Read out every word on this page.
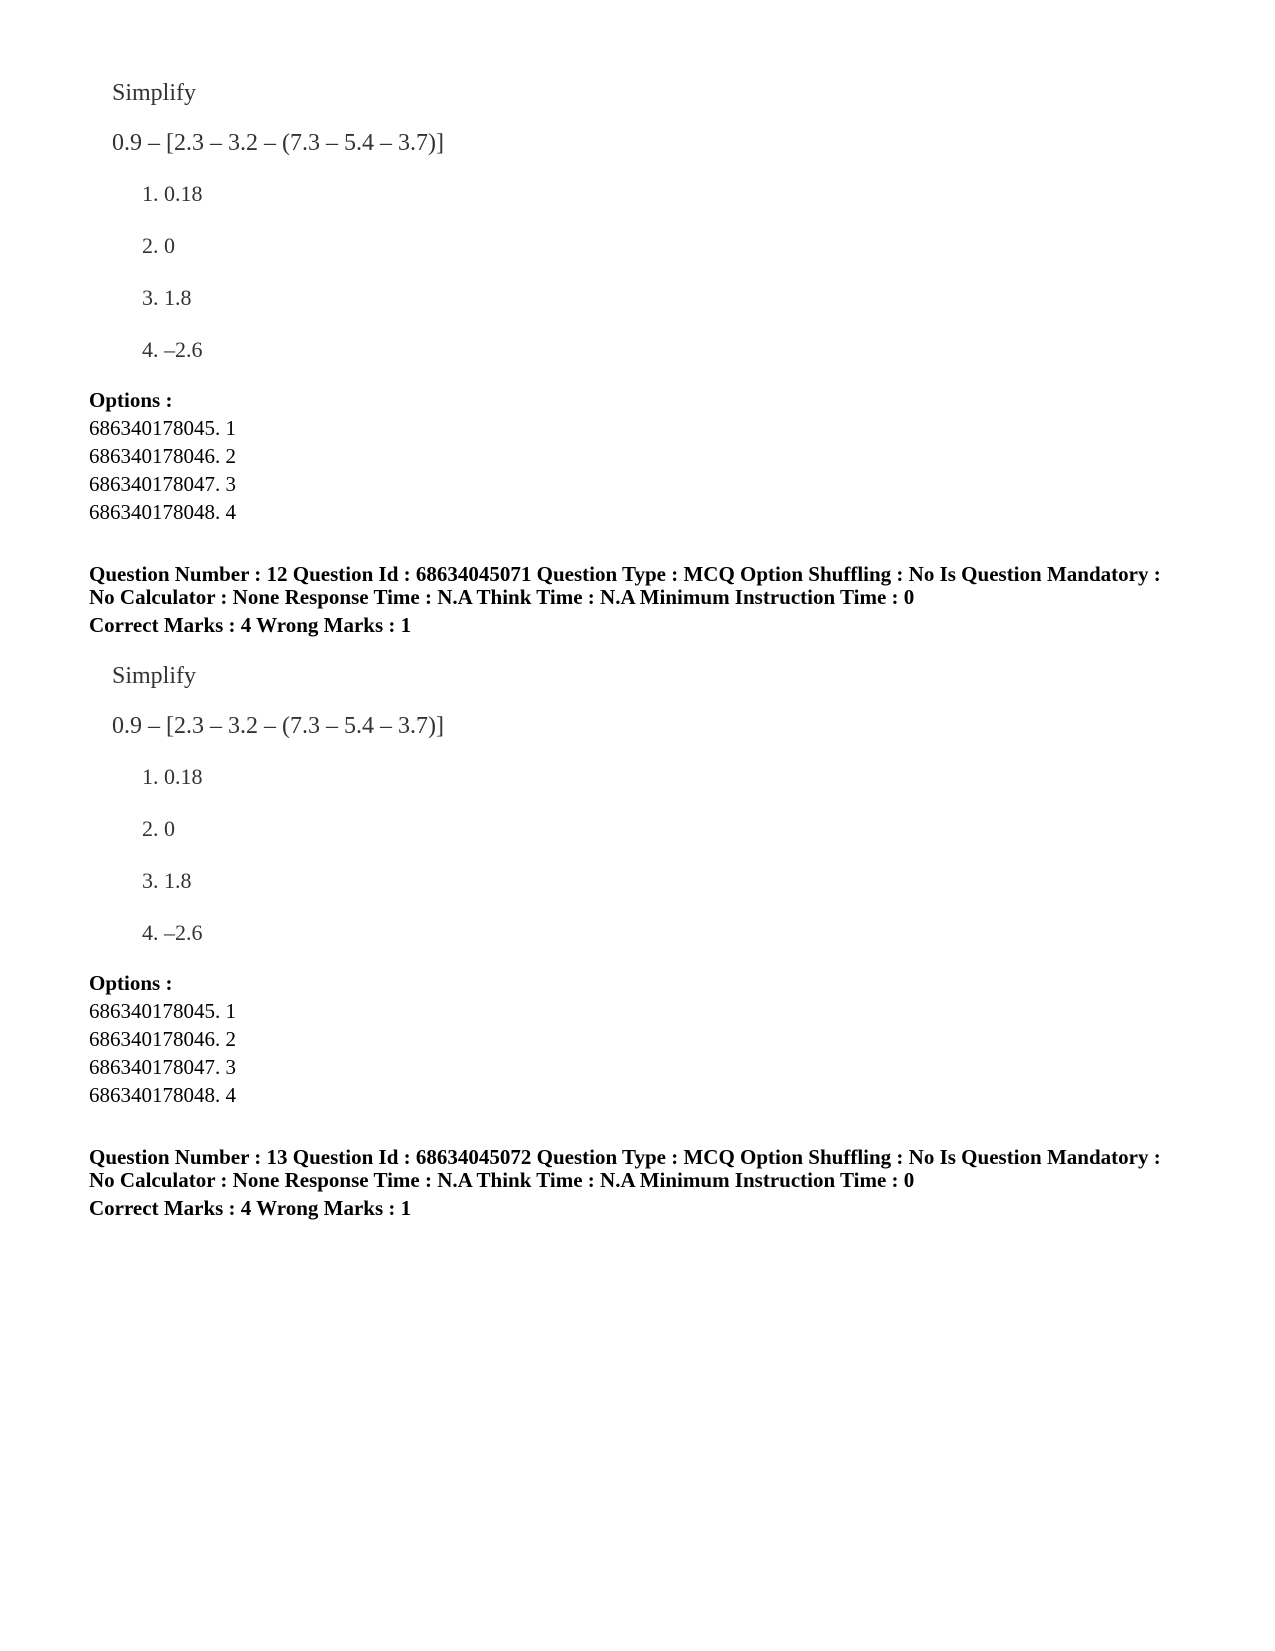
Simplify
0.9 – [2.3 – 3.2 – (7.3 – 5.4 – 3.7)]
1. 0.18
2. 0
3. 1.8
4. –2.6
Options :
686340178045. 1
686340178046. 2
686340178047. 3
686340178048. 4
Question Number : 12 Question Id : 68634045071 Question Type : MCQ Option Shuffling : No Is Question Mandatory :
No Calculator : None Response Time : N.A Think Time : N.A Minimum Instruction Time : 0
Correct Marks : 4 Wrong Marks : 1
Simplify
0.9 – [2.3 – 3.2 – (7.3 – 5.4 – 3.7)]
1. 0.18
2. 0
3. 1.8
4. –2.6
Options :
686340178045. 1
686340178046. 2
686340178047. 3
686340178048. 4
Question Number : 13 Question Id : 68634045072 Question Type : MCQ Option Shuffling : No Is Question Mandatory :
No Calculator : None Response Time : N.A Think Time : N.A Minimum Instruction Time : 0
Correct Marks : 4 Wrong Marks : 1
